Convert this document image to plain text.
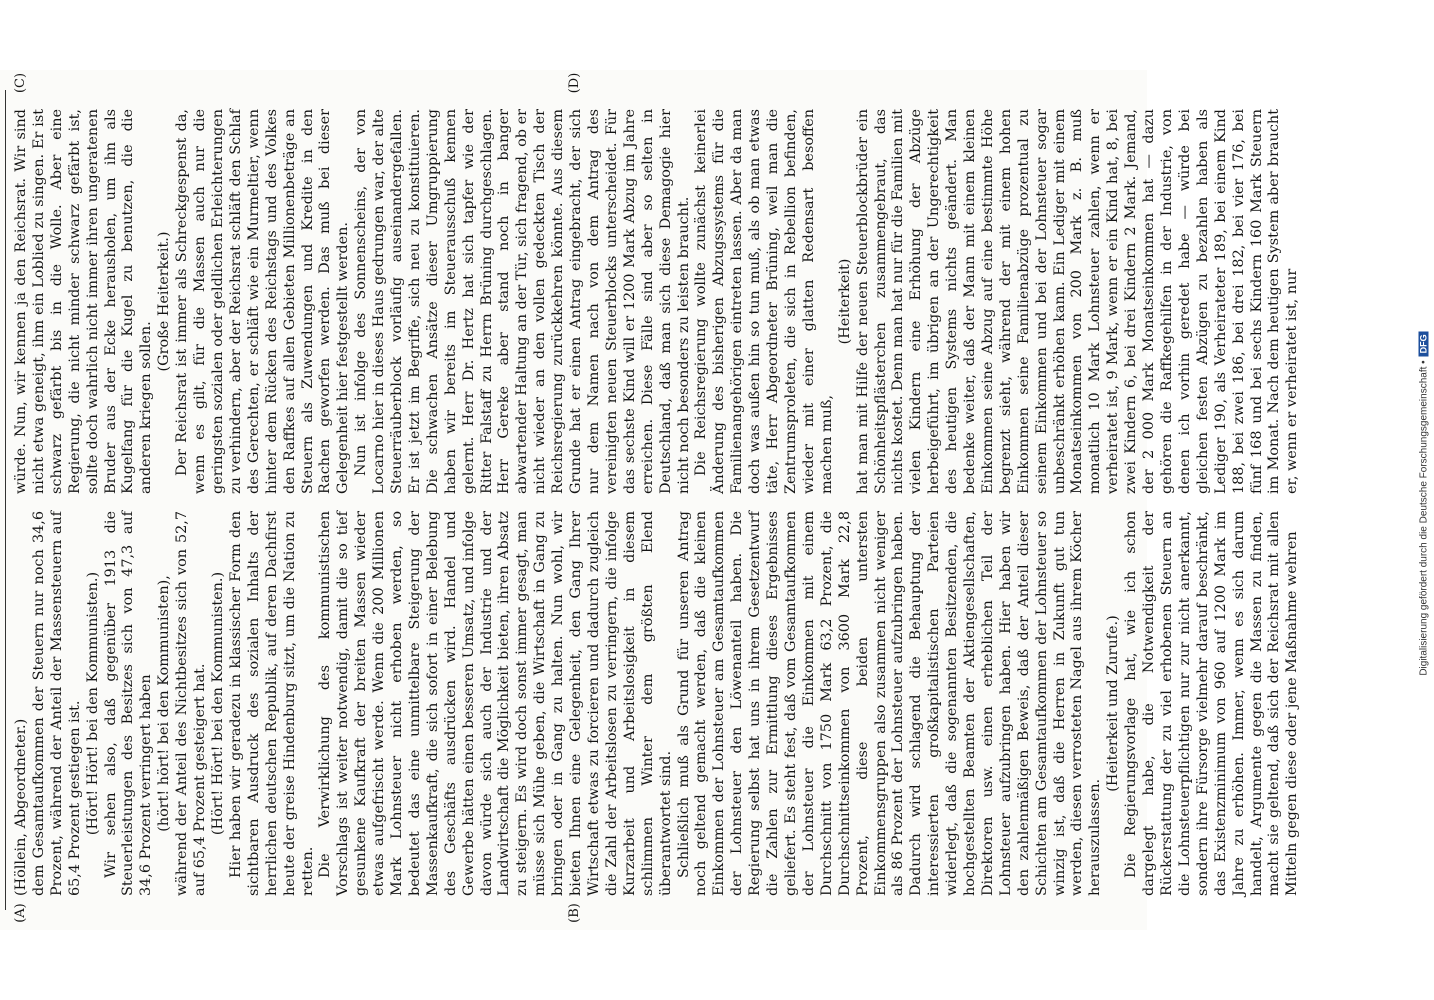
(A)	(B)
(C)	(D)

(Höllein, Abgeordneter.) dem Gesamtaufkommen der Steuern nur noch 34,6 Prozent, während der Anteil der Massensteuern auf 65,4 Prozent gestiegen ist. (Hört! Hört! bei den Kommunisten.) Wir sehen also, daß gegenüber 1913 die Steuerleistungen des Besitzes sich von 47,3 auf 34,6 Prozent verringert haben (hört! hört! bei den Kommunisten), während der Anteil des Nichtbesitzes sich von 52,7 auf 65,4 Prozent gesteigert hat. (Hört! Hört! bei den Kommunisten.) Hier haben wir geradezu in klassischer Form den sichtbaren Ausdruck des sozialen Inhalts der herrlichen deutschen Republik, auf deren Dachfirst heute der greise Hindenburg sitzt, um die Nation zu retten. Die Verwirklichung des kommunistischen Vorschlags ist weiter notwendig, damit die so tief gesunkene Kaufkraft der breiten Massen wieder etwas aufgefrischt werde. Wenn die 200 Millionen Mark Lohnsteuer nicht erhoben werden, so bedeutet das eine unmittelbare Steigerung der Massenkaufkraft, die sich sofort in einer Belebung des Geschäfts ausdrücken wird. Handel und Gewerbe hätten einen besseren Umsatz, und infolge davon würde sich auch der Industrie und der Landwirtschaft die Möglichkeit bieten, ihren Absatz zu steigern. Es wird doch sonst immer gesagt, man müsse sich Mühe geben, die Wirtschaft in Gang zu bringen oder in Gang zu halten. Nun wohl, wir bieten Ihnen eine Gelegenheit, den Gang Ihrer Wirtschaft etwas zu forcieren und dadurch zugleich die Zahl der Arbeitslosen zu verringern, die infolge Kurzarbeit und Arbeitslosigkeit in diesem schlimmen Winter dem größten Elend überantwortet sind. Schließlich muß als Grund für unseren Antrag noch geltend gemacht werden, daß die kleinen Einkommen der Lohnsteuer am Gesamtaufkommen der Lohnsteuer den Löwenanteil haben. Die Regierung selbst hat uns in ihrem Gesetzentwurf die Zahlen zur Ermittlung dieses Ergebnisses geliefert. Es steht fest, daß vom Gesamtaufkommen der Lohnsteuer die Einkommen mit einem Durchschnitt von 1750 Mark 63,2 Prozent, die Durchschnittseinkommen von 3600 Mark 22,8 Prozent, diese beiden untersten Einkommensgruppen also zusammen nicht weniger als 86 Prozent der Lohnsteuer aufzubringen haben. Dadurch wird schlagend die Behauptung der interessierten großkapitalistischen Parteien widerlegt, daß die sogenannten Besitzenden, die hochgestellten Beamten der Aktiengesellschaften, Direktoren usw. einen erheblichen Teil der Lohnsteuer aufzubringen haben. Hier haben wir den zahlenmäßigen Beweis, daß der Anteil dieser Schichten am Gesamtaufkommen der Lohnsteuer so winzig ist, daß die Herren in Zukunft gut tun werden, diesen verrosteten Nagel aus ihrem Köcher herauszulassen.

(Heiterkeit und Zurufe.) Die Regierungsvorlage hat, wie ich schon dargelegt habe, die Notwendigkeit der Rückerstattung der zu viel erhobenen Steuern an die Lohnsteuerpflichtigen nur zur nicht anerkannt, sondern ihre Fürsorge vielmehr darauf beschränkt, das Existenzminimum von 960 auf 1200 Mark im Jahre zu erhöhen. Immer, wenn es sich darum handelt, Argumente gegen die Massen zu finden, macht sie geltend, daß sich der Reichsrat mit allen Mitteln gegen diese oder jene Maßnahme wehren

würde. Nun, wir kennen ja den Reichsrat. Wir sind nicht etwa geneigt, ihm ein Loblied zu singen. Er ist schwarz gefärbt bis in die Wolle. Aber eine Regierung, die nicht minder schwarz gefärbt ist, sollte doch wahrlich nicht immer ihren ungeratenen Bruder aus der Ecke herausholen, um ihn als Kugelfang für die Kugel zu benutzen, die die anderen kriegen sollen.

(Große Heiterkeit.) Der Reichsrat ist immer als Schreckgespenst da, wenn es gilt, für die Massen auch nur die geringsten sozialen oder geldlichen Erleichterungen zu verhindern, aber der Reichsrat schläft den Schlaf des Gerechten, er schläft wie ein Murmeltier, wenn hinter dem Rücken des Reichstags und des Volkes den Raffkes auf allen Gebieten Millionenbeträge an Steuern als Zuwendungen und Kredite in den Rachen geworfen werden. Das muß bei dieser Gelegenheit hier festgestellt werden. Nun ist infolge des Sonnenscheins, der von Locarno hier in dieses Haus gedrungen war, der alte Steuerräuberblock vorläufig auseinandergefallen. Er ist jetzt im Begriffe, sich neu zu konstituieren. Die schwachen Ansätze dieser Umgruppierung haben wir bereits im Steuerausschuß kennen gelernt. Herr Dr. Hertz hat sich tapfer wie der Ritter Falstaff zu Herrn Brüning durchgeschlagen. Herr Gereke aber stand noch in banger abwartender Haltung an der Tür, sich fragend, ob er nicht wieder an den vollen gedeckten Tisch der Reichsregierung zurückkehren könnte. Aus diesem Grunde hat er einen Antrag eingebracht, der sich nur dem Namen nach von dem Antrag des vereinigten neuen Steuerblocks unterscheidet. Für das sechste Kind will er 1200 Mark Abzug im Jahre erreichen. Diese Fälle sind aber so selten in Deutschland, daß man sich diese Demagogie hier nicht noch besonders zu leisten braucht. Die Reichsregierung wollte zunächst keinerlei Änderung des bisherigen Abzugssystems für die Familienangehörigen eintreten lassen. Aber da man doch was außen hin so tun muß, als ob man etwas täte, Herr Abgeordneter Brüning, weil man die Zentrumsproleten, die sich in Rebellion befinden, wieder mit einer glatten Redensart besoffen machen muß,

(Heiterkeit) hat man mit Hilfe der neuen Steuerblockbrüder ein Schönheitspflästerchen zusammengebraut, das nichts kostet. Denn man hat nur für die Familien mit vielen Kindern eine Erhöhung der Abzüge herbeigeführt, im übrigen an der Ungerechtigkeit des heutigen Systems nichts geändert. Man bedenke weiter, daß der Mann mit einem kleinen Einkommen seine Abzug auf eine bestimmte Höhe begrenzt sieht, während der mit einem hohen Einkommen seine Familienabzüge prozentual zu seinem Einkommen und bei der Lohnsteuer sogar unbeschränkt erhöhen kann. Ein Lediger mit einem Monatseinkommen von 200 Mark z. B. muß monatlich 10 Mark Lohnsteuer zahlen, wenn er verheiratet ist, 9 Mark, wenn er ein Kind hat, 8, bei zwei Kindern 6, bei drei Kindern 2 Mark. Jemand, der 2 000 Mark Monatseinkommen hat — dazu gehören die Raffkegehilfen in der Industrie, von denen ich vorhin geredet habe — würde bei gleichen festen Abzügen zu bezahlen haben als Lediger 190, als Verheirateter 189, bei einem Kind 188, bei zwei 186, bei drei 182, bei vier 176, bei fünf 168 und bei sechs Kindern 160 Mark Steuern im Monat. Nach dem heutigen System aber braucht er, wenn er verheiratet ist, nur	Digitalisierung gefördert durch die Deutsche Forschungsgemeinschaft •DFG
